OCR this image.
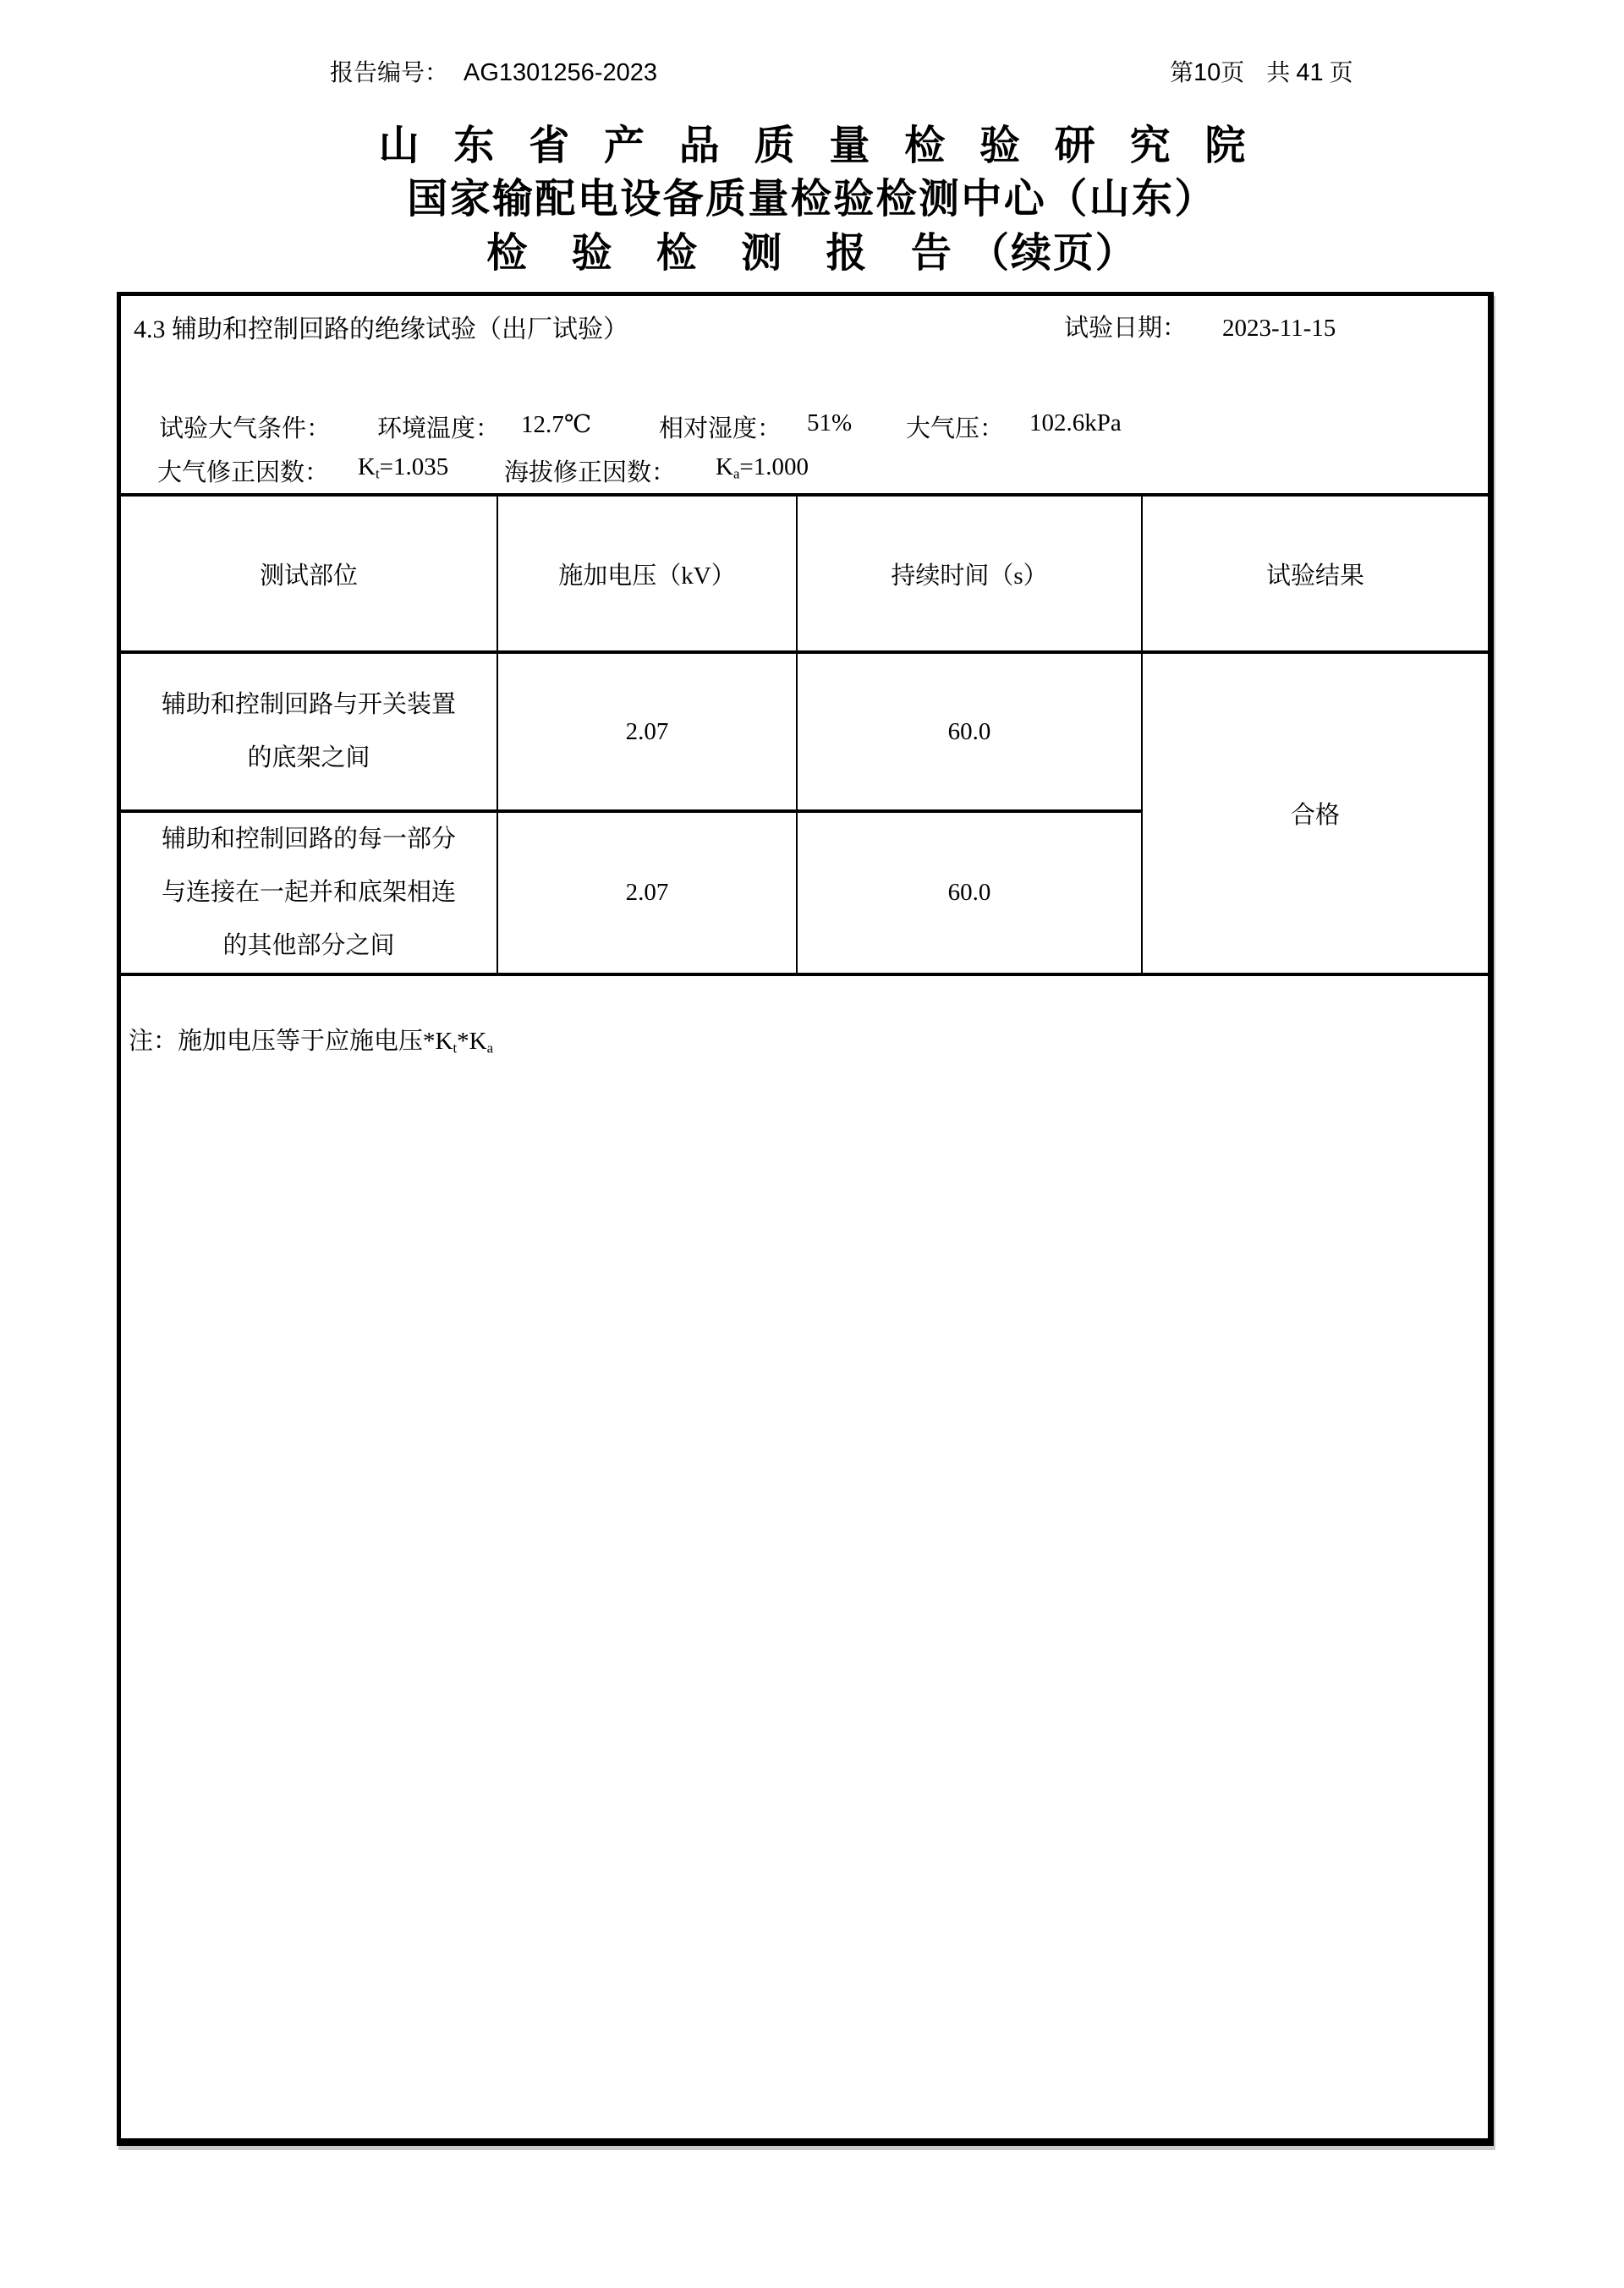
报告编号： AG1301256-2023	第10页 共 41 页
山东省产品质量检验研究院
国家输配电设备质量检验检测中心（山东）
检 验 检 测 报 告（续页）
4.3 辅助和控制回路的绝缘试验（出厂试验）	试验日期： 2023-11-15
试验大气条件： 环境温度： 12.7℃	相对湿度： 51% 大气压： 102.6kPa
大气修正因数： Kt=1.035 海拔修正因数： Ka=1.000
测试部位	施加电压（kV）	持续时间（s）	试验结果

辅助和控制回路与开关装置
的底架之间	2.07	60.0	合格

辅助和控制回路的每一部分
与连接在一起并和底架相连
的其他部分之间	2.07	60.0	
注：施加电压等于应施电压*Kt*Ka
